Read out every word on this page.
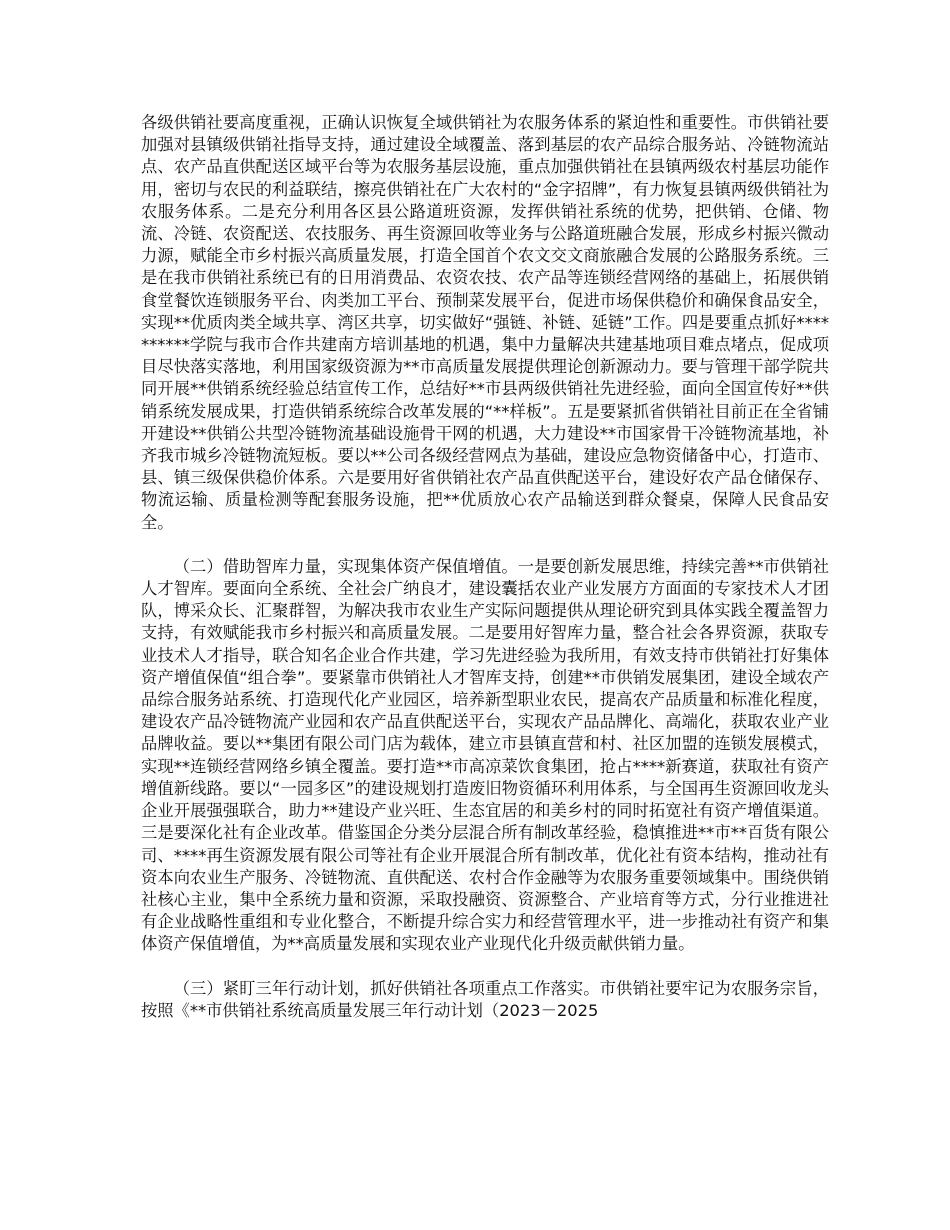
各级供销社要高度重视，正确认识恢复全域供销社为农服务体系的紧迫性和重要性。市供销社要加强对县镇级供销社指导支持，通过建设全域覆盖、落到基层的农产品综合服务站、冷链物流站点、农产品直供配送区域平台等为农服务基层设施，重点加强供销社在县镇两级农村基层功能作用，密切与农民的利益联结，擦亮供销社在广大农村的“金字招牌”，有力恢复县镇两级供销社为农服务体系。二是充分利用各区县公路道班资源，发挥供销社系统的优势，把供销、仓储、物流、冷链、农资配送、农技服务、再生资源回收等业务与公路道班融合发展，形成乡村振兴微动力源，赋能全市乡村振兴高质量发展，打造全国首个农文交文商旅融合发展的公路服务系统。三是在我市供销社系统已有的日用消费品、农资农技、农产品等连锁经营网络的基础上，拓展供销食堂餐饮连锁服务平台、肉类加工平台、预制菜发展平台，促进市场保供稳价和确保食品安全，实现**优质肉类全域共享、湾区共享，切实做好“强链、补链、延链”工作。四是要重点抓好**********学院与我市合作共建南方培训基地的机遇，集中力量解决共建基地项目难点堵点，促成项目尽快落实落地，利用国家级资源为**市高质量发展提供理论创新源动力。要与管理干部学院共同开展**供销系统经验总结宣传工作，总结好**市县两级供销社先进经验，面向全国宣传好**供销系统发展成果，打造供销系统综合改革发展的“**样板”。五是要紧抓省供销社目前正在全省铺开建设**供销公共型冷链物流基础设施骨干网的机遇，大力建设**市国家骨干冷链物流基地，补齐我市城乡冷链物流短板。要以**公司各级经营网点为基础，建设应急物资储备中心，打造市、县、镇三级保供稳价体系。六是要用好省供销社农产品直供配送平台，建设好农产品仓储保存、物流运输、质量检测等配套服务设施，把**优质放心农产品输送到群众餐桌，保障人民食品安全。

（二）借助智库力量，实现集体资产保值增值。一是要创新发展思维，持续完善**市供销社人才智库。要面向全系统、全社会广纳良才，建设囊括农业产业发展方方面面的专家技术人才团队，博采众长、汇聚群智，为解决我市农业生产实际问题提供从理论研究到具体实践全覆盖智力支持，有效赋能我市乡村振兴和高质量发展。二是要用好智库力量，整合社会各界资源，获取专业技术人才指导，联合知名企业合作共建，学习先进经验为我所用，有效支持市供销社打好集体资产增值保值“组合拳”。要紧靠市供销社人才智库支持，创建**市供销发展集团，建设全域农产品综合服务站系统、打造现代化产业园区，培养新型职业农民，提高农产品质量和标准化程度，建设农产品冷链物流产业园和农产品直供配送平台，实现农产品品牌化、高端化，获取农业产业品牌收益。要以**集团有限公司门店为载体，建立市县镇直营和村、社区加盟的连锁发展模式，实现**连锁经营网络乡镇全覆盖。要打造**市高凉菜饮食集团，抢占****新赛道，获取社有资产增值新线路。要以“一园多区”的建设规划打造废旧物资循环利用体系，与全国再生资源回收龙头企业开展强强联合，助力**建设产业兴旺、生态宜居的和美乡村的同时拓宽社有资产增值渠道。三是要深化社有企业改革。借鉴国企分类分层混合所有制改革经验，稳慎推进**市**百货有限公司、****再生资源发展有限公司等社有企业开展混合所有制改革，优化社有资本结构，推动社有资本向农业生产服务、冷链物流、直供配送、农村合作金融等为农服务重要领域集中。围绕供销社核心主业，集中全系统力量和资源，采取投融资、资源整合、产业培育等方式，分行业推进社有企业战略性重组和专业化整合，不断提升综合实力和经营管理水平，进一步推动社有资产和集体资产保值增值，为**高质量发展和实现农业产业现代化升级贡献供销力量。

（三）紧盯三年行动计划，抓好供销社各项重点工作落实。市供销社要牢记为农服务宗旨，按照《**市供销社系统高质量发展三年行动计划（2023－2025
